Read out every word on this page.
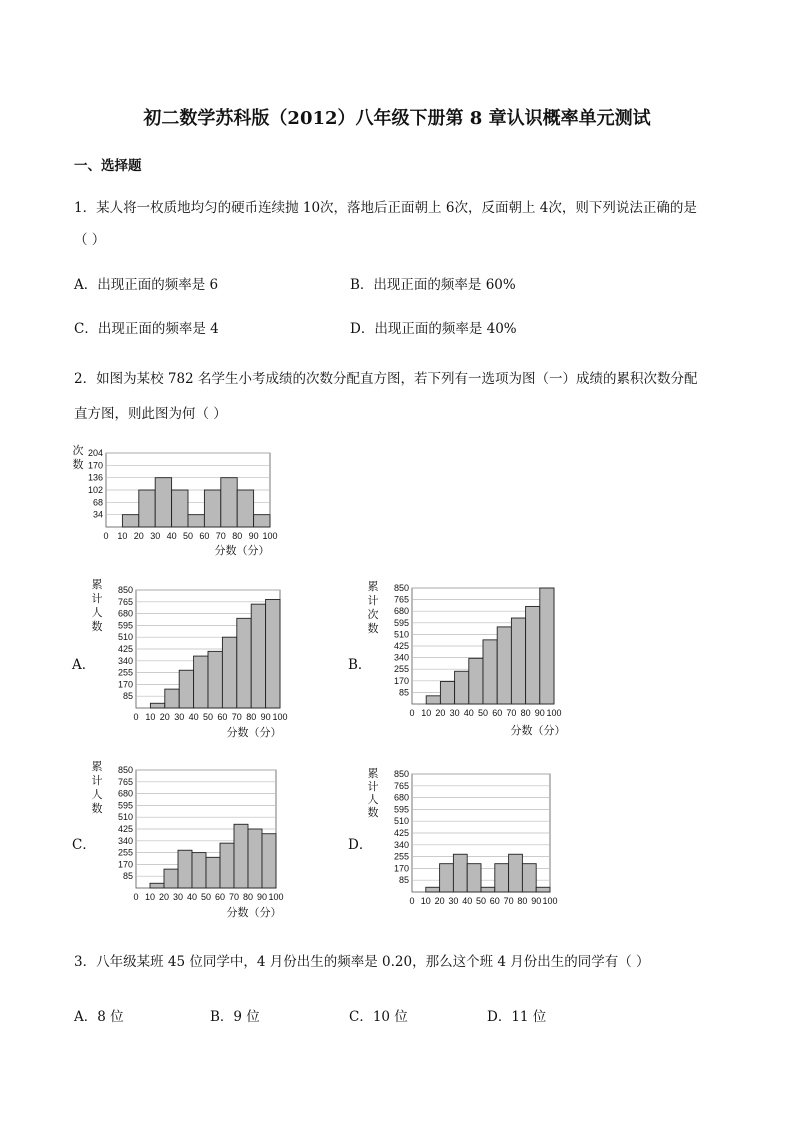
初二数学苏科版（2012）八年级下册第 8 章认识概率单元测试
一、选择题
1．某人将一枚质地均匀的硬币连续抛 10次，落地后正面朝上 6次，反面朝上 4次，则下列说法正确的是
（ ）
A．出现正面的频率是 6	B．出现正面的频率是 60%
C．出现正面的频率是 4	D．出现正面的频率是 40%
2．如图为某校 782 名学生小考成绩的次数分配直方图，若下列有一选项为图（一）成绩的累积次数分配
直方图，则此图为何（ ）
A．	B．
C．	D．
34
68
102
136
170
204
0 10 20 30 40 50 60 70 80 90 100
分数（分）
次
数
85
170
255
340
425
510
595
680
765
850
0 10 20 30 40 50 60 70 80 90 100
分数（分）
累
计
人
数
85
170
255
340
425
510
595
680
765
850
0 10 20 30 40 50 60 70 80 90 100
分数（分）
累
计
次
数
85
170
255
340
425
510
595
680
765
850
0 10 20 30 40 50 60 70 80 90 100
分数（分）
累
计
人
数
85
170
255
340
425
510
595
680
765
850
0 10 20 30 40 50 60 70 80 90 100
累
计
人
数
3．八年级某班 45 位同学中，4 月份出生的频率是 0.20，那么这个班 4 月份出生的同学有（ ）
A．8 位	B．9 位	C．10 位	D．11 位
